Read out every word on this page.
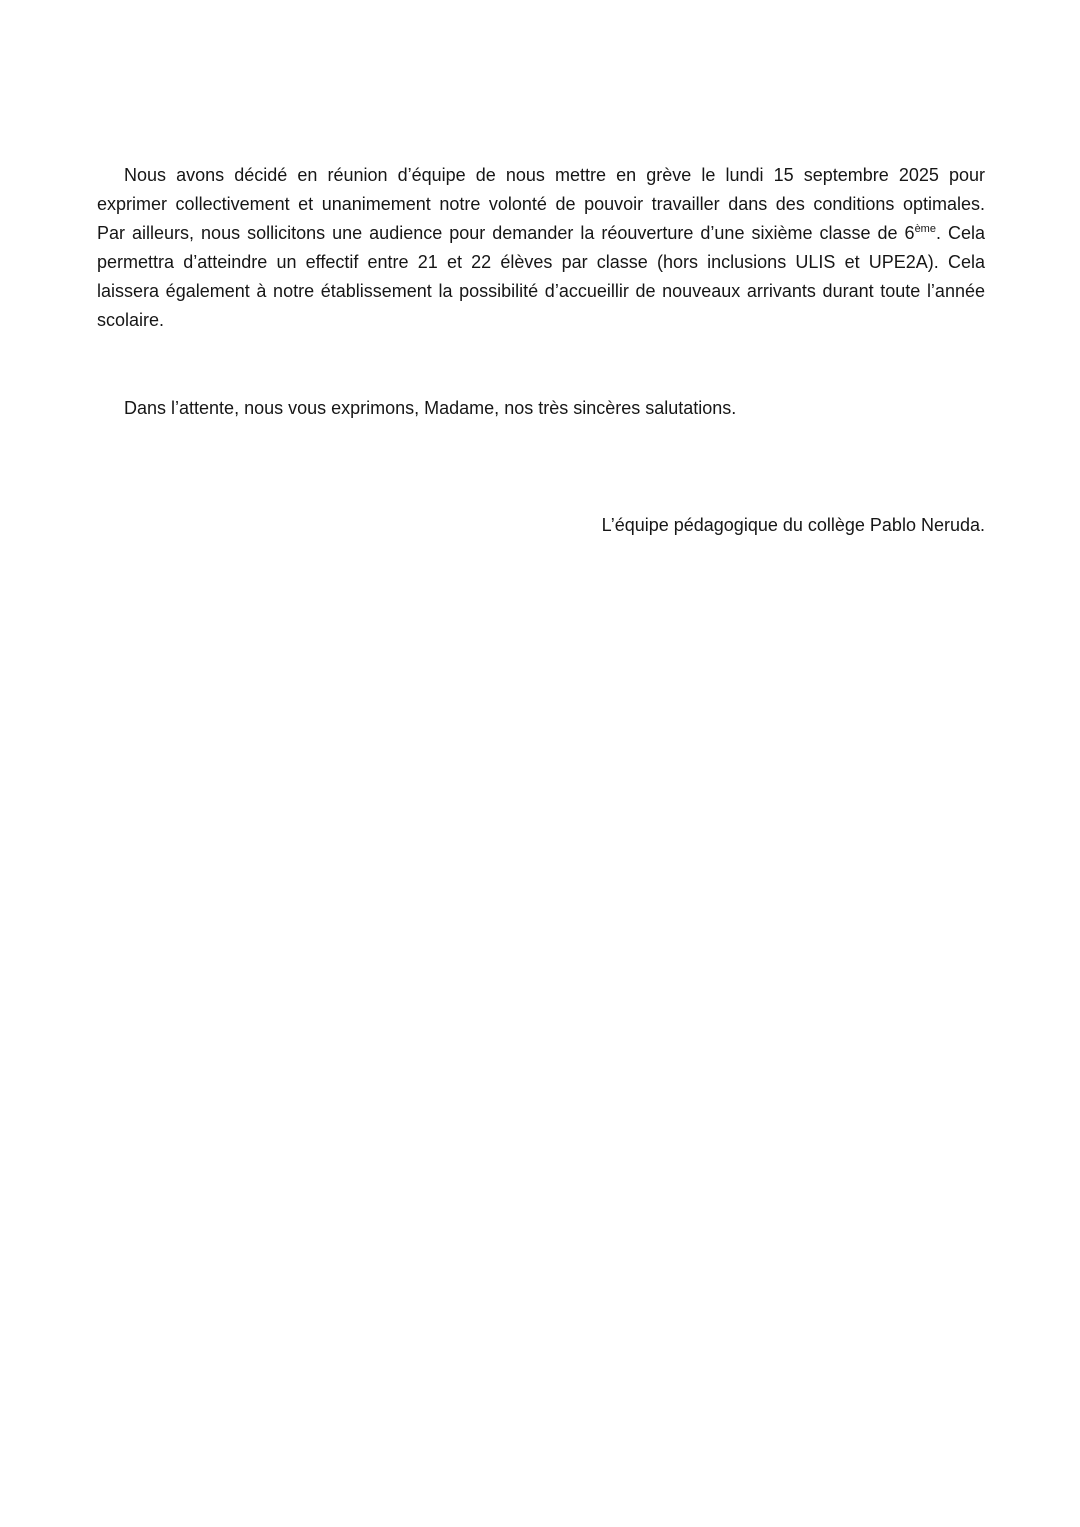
Nous avons décidé en réunion d’équipe de nous mettre en grève le lundi 15 septembre 2025 pour exprimer collectivement et unanimement notre volonté de pouvoir travailler dans des conditions optimales. Par ailleurs, nous sollicitons une audience pour demander la réouverture d’une sixième classe de 6ème. Cela permettra d’atteindre un effectif entre 21 et 22 élèves par classe (hors inclusions ULIS et UPE2A). Cela laissera également à notre établissement la possibilité d’accueillir de nouveaux arrivants durant toute l’année scolaire.

Dans l’attente, nous vous exprimons, Madame, nos très sincères salutations.

L’équipe pédagogique du collège Pablo Neruda.
